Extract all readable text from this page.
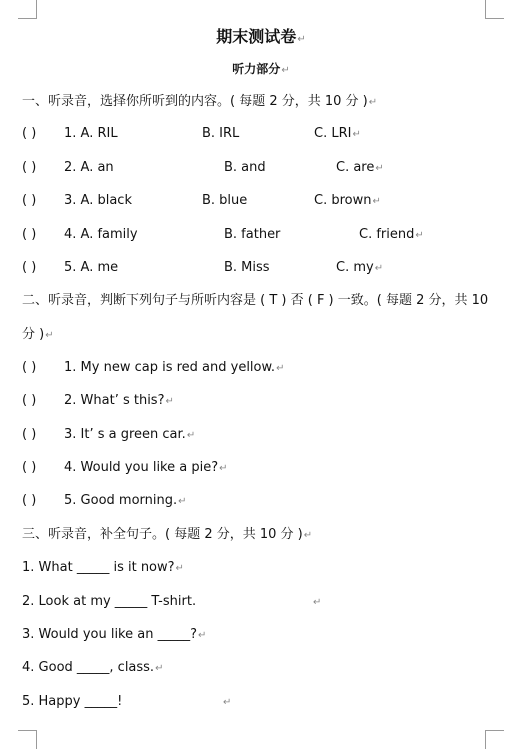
期末测试卷↵
听力部分↵
一、听录音，选择你所听到的内容。( 每题 2 分，共 10 分 )↵
( ) 1. A. RIL	B. IRL	C. LRI↵
( ) 2. A. an	B. and	C. are↵
( ) 3. A. black	B. blue	C. brown↵
( ) 4. A. family	B. father	C. friend↵
( ) 5. A. me	B. Miss	C. my↵
二、听录音，判断下列句子与所听内容是 ( T ) 否 ( F ) 一致。( 每题 2 分，共 10
分 )↵
( ) 1. My new cap is red and yellow.↵
( ) 2. What’ s this?↵
( ) 3. It’ s a green car.↵
( ) 4. Would you like a pie?↵
( ) 5. Good morning.↵
三、听录音，补全句子。( 每题 2 分，共 10 分 )↵
1. What _____ is it now?↵
2. Look at my _____ T-shirt.	↵
3. Would you like an _____?↵
4. Good _____, class.↵
5. Happy _____!	↵
